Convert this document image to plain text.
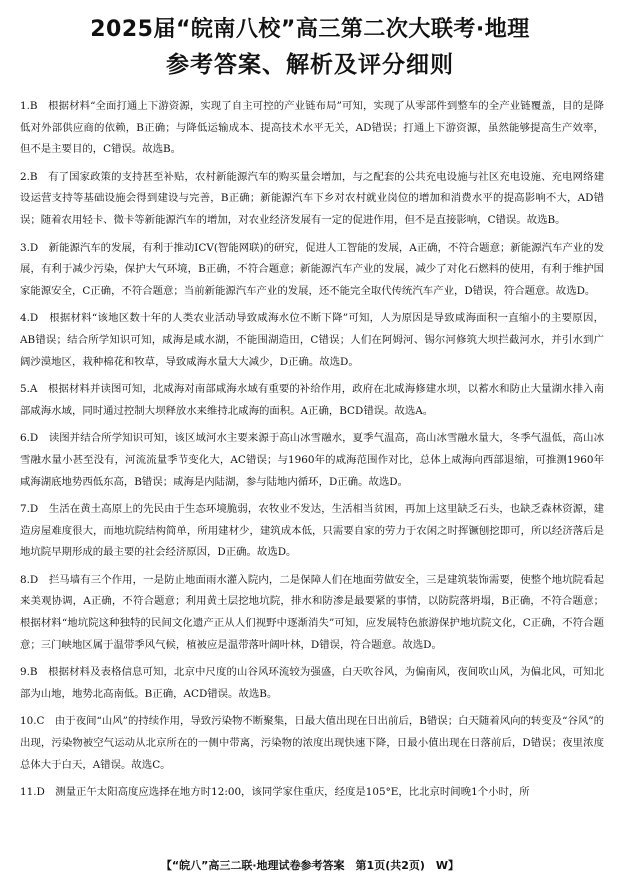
2025届“皖南八校”高三第二次大联考·地理
参考答案、解析及评分细则
1.B　 根据材料“全面打通上下游资源，实现了自主可控的产业链布局”可知，实现了从零部件到整车的全产业链覆盖，目的是降低对外部供应商的依赖，B正确；与降低运输成本、提高技术水平无关，AD错误；打通上下游资源，虽然能够提高生产效率，但不是主要目的，C错误。故选B。
2.B　 有了国家政策的支持甚至补贴，农村新能源汽车的购买量会增加，与之配套的公共充电设施与社区充电设施、充电网络建设运营支持等基础设施会得到建设与完善，B正确；新能源汽车下乡对农村就业岗位的增加和消费水平的提高影响不大，AD错误；随着农用轻卡、微卡等新能源汽车的增加，对农业经济发展有一定的促进作用，但不是直接影响，C错误。故选B。
3.D　 新能源汽车的发展，有利于推动ICV(智能网联)的研究，促进人工智能的发展，A正确，不符合题意；新能源汽车产业的发展，有利于减少污染，保护大气环境，B正确，不符合题意；新能源汽车产业的发展，减少了对化石燃料的使用，有利于维护国家能源安全，C正确，不符合题意；当前新能源汽车产业的发展，还不能完全取代传统汽车产业，D错误，符合题意。故选D。
4.D　 根据材料“该地区数十年的人类农业活动导致咸海水位不断下降”可知，人为原因是导致咸海面积一直缩小的主要原因，AB错误；结合所学知识可知，咸海是咸水湖，不能围湖造田，C错误；人们在阿姆河、锡尔河修筑大坝拦截河水，并引水到广阔沙漠地区，栽种棉花和牧草，导致咸海水量大大减少，D正确。故选D。
5.A　 根据材料并读图可知，北咸海对南部咸海水域有重要的补给作用，政府在北咸海修建水坝，以蓄水和防止大量湖水排入南部咸海水域，同时通过控制大坝释放水来维持北咸海的面积。A正确，BCD错误。故选A。
6.D　 读图并结合所学知识可知，该区域河水主要来源于高山冰雪融水，夏季气温高，高山冰雪融水量大，冬季气温低，高山冰雪融水量小甚至没有，河流流量季节变化大，AC错误；与1960年的咸海范围作对比，总体上咸海向西部退缩，可推测1960年咸海湖底地势西低东高，B错误；咸海是内陆湖，参与陆地内循环，D正确。故选D。
7.D　 生活在黄土高原上的先民由于生态环境脆弱，农牧业不发达，生活相当贫困，再加上这里缺乏石头，也缺乏森林资源，建造房屋难度很大，而地坑院结构简单，所用建材少，建筑成本低，只需要自家的劳力于农闲之时挥镢刨挖即可，所以经济落后是地坑院早期形成的最主要的社会经济原因，D正确。故选D。
8.D　 拦马墙有三个作用，一是防止地面雨水灌入院内，二是保障人们在地面劳做安全，三是建筑装饰需要，使整个地坑院看起来美观协调，A正确，不符合题意；利用黄土层挖地坑院，排水和防渗是最要紧的事情，以防院落坍塌，B正确，不符合题意；根据材料“地坑院这种独特的民间文化遗产正从人们视野中逐渐消失”可知，应发展特色旅游保护地坑院文化，C正确，不符合题意；三门峡地区属于温带季风气候，植被应是温带落叶阔叶林，D错误，符合题意。故选D。
9.B　 根据材料及表格信息可知，北京中尺度的山谷风环流较为强盛，白天吹谷风，为偏南风，夜间吹山风，为偏北风，可知北部为山地，地势北高南低。B正确，ACD错误。故选B。
10.C　 由于夜间“山风”的持续作用，导致污染物不断聚集，日最大值出现在日出前后，B错误；白天随着风向的转变及“谷风”的出现，污染物被空气运动从北京所在的一侧中带离，污染物的浓度出现快速下降，日最小值出现在日落前后，D错误；夜里浓度总体大于白天，A错误。故选C。
11.D　 测量正午太阳高度应选择在地方时12:00，该同学家住重庆，经度是105°E，比北京时间晚1个小时，所
【“皖八”高三二联·地理试卷参考答案　第1页(共2页)　W】
